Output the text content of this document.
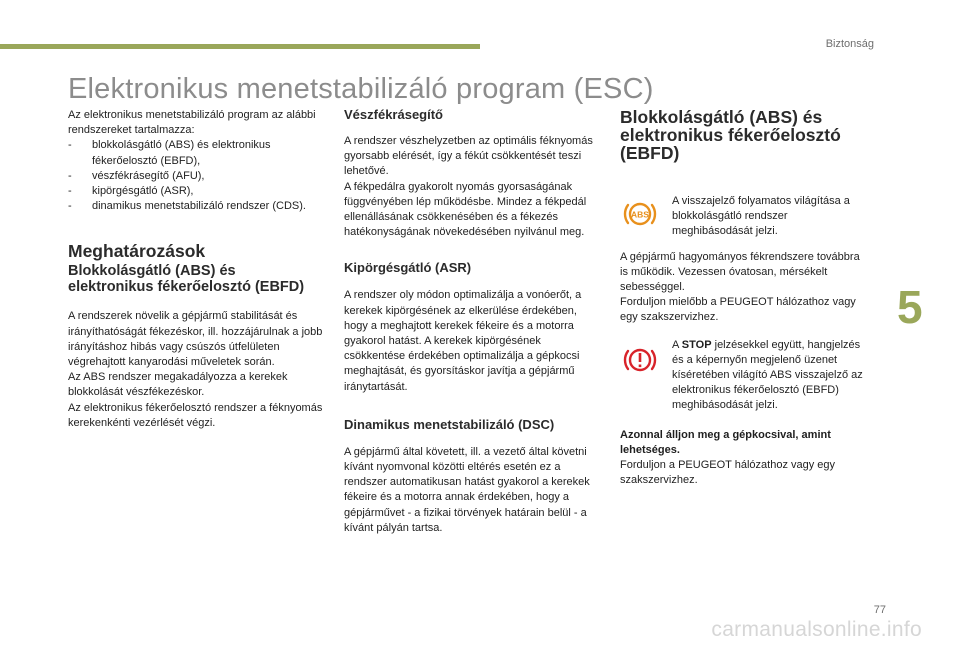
Biztonság
Elektronikus menetstabilizáló program (ESC)

Az elektronikus menetstabilizáló program az alábbi rendszereket tartalmazza:

- blokkolásgátló (ABS) és elektronikus fékerőelosztó (EBFD),
- vészfékrásegítő (AFU),
- kipörgésgátló (ASR),
- dinamikus menetstabilizáló rendszer (CDS).
Meghatározások
Blokkolásgátló (ABS) és elektronikus fékerőelosztó (EBFD)

A rendszerek növelik a gépjármű stabilitását és irányíthatóságát fékezéskor, ill. hozzájárulnak a jobb irányításhoz hibás vagy csúszós útfelületen végrehajtott kanyarodási műveletek során.

Az ABS rendszer megakadályozza a kerekek blokkolását vészfékezéskor.

Az elektronikus fékerőelosztó rendszer a féknyomás kerekenkénti vezérlését végzi.

Vészfékrásegítő

A rendszer vészhelyzetben az optimális féknyomás gyorsabb elérését, így a fékút csökkentését teszi lehetővé.

A fékpedálra gyakorolt nyomás gyorsaságának függvényében lép működésbe. Mindez a fékpedál ellenállásának csökkenésében és a fékezés hatékonyságának növekedésében nyilvánul meg.

Kipörgésgátló (ASR)

A rendszer oly módon optimalizálja a vonóerőt, a kerekek kipörgésének az elkerülése érdekében, hogy a meghajtott kerekek fékeire és a motorra gyakorol hatást. A kerekek kipörgésének csökkentése érdekében optimalizálja a gépkocsi meghajtását, és gyorsításkor javítja a gépjármű iránytartását.

Dinamikus menetstabilizáló (DSC)

A gépjármű által követett, ill. a vezető által követni kívánt nyomvonal közötti eltérés esetén ez a rendszer automatikusan hatást gyakorol a kerekek fékeire és a motorra annak érdekében, hogy a gépjárművet - a fizikai törvények határain belül - a kívánt pályán tartsa.

Blokkolásgátló (ABS) és elektronikus fékerőelosztó (EBFD)
ABS

A visszajelző folyamatos világítása a blokkolásgátló rendszer meghibásodását jelzi.

A gépjármű hagyományos fékrendszere továbbra is működik. Vezessen óvatosan, mérsékelt sebességgel.

Forduljon mielőbb a PEUGEOT hálózathoz vagy egy szakszervizhez.

A STOP jelzésekkel együtt, hangjelzés és a képernyőn megjelenő üzenet kíséretében világító ABS visszajelző az elektronikus fékerőelosztó (EBFD) meghibásodását jelzi.

Azonnal álljon meg a gépkocsival, amint lehetséges.

Forduljon a PEUGEOT hálózathoz vagy egy szakszervizhez.

5
77
carmanualsonline.info
